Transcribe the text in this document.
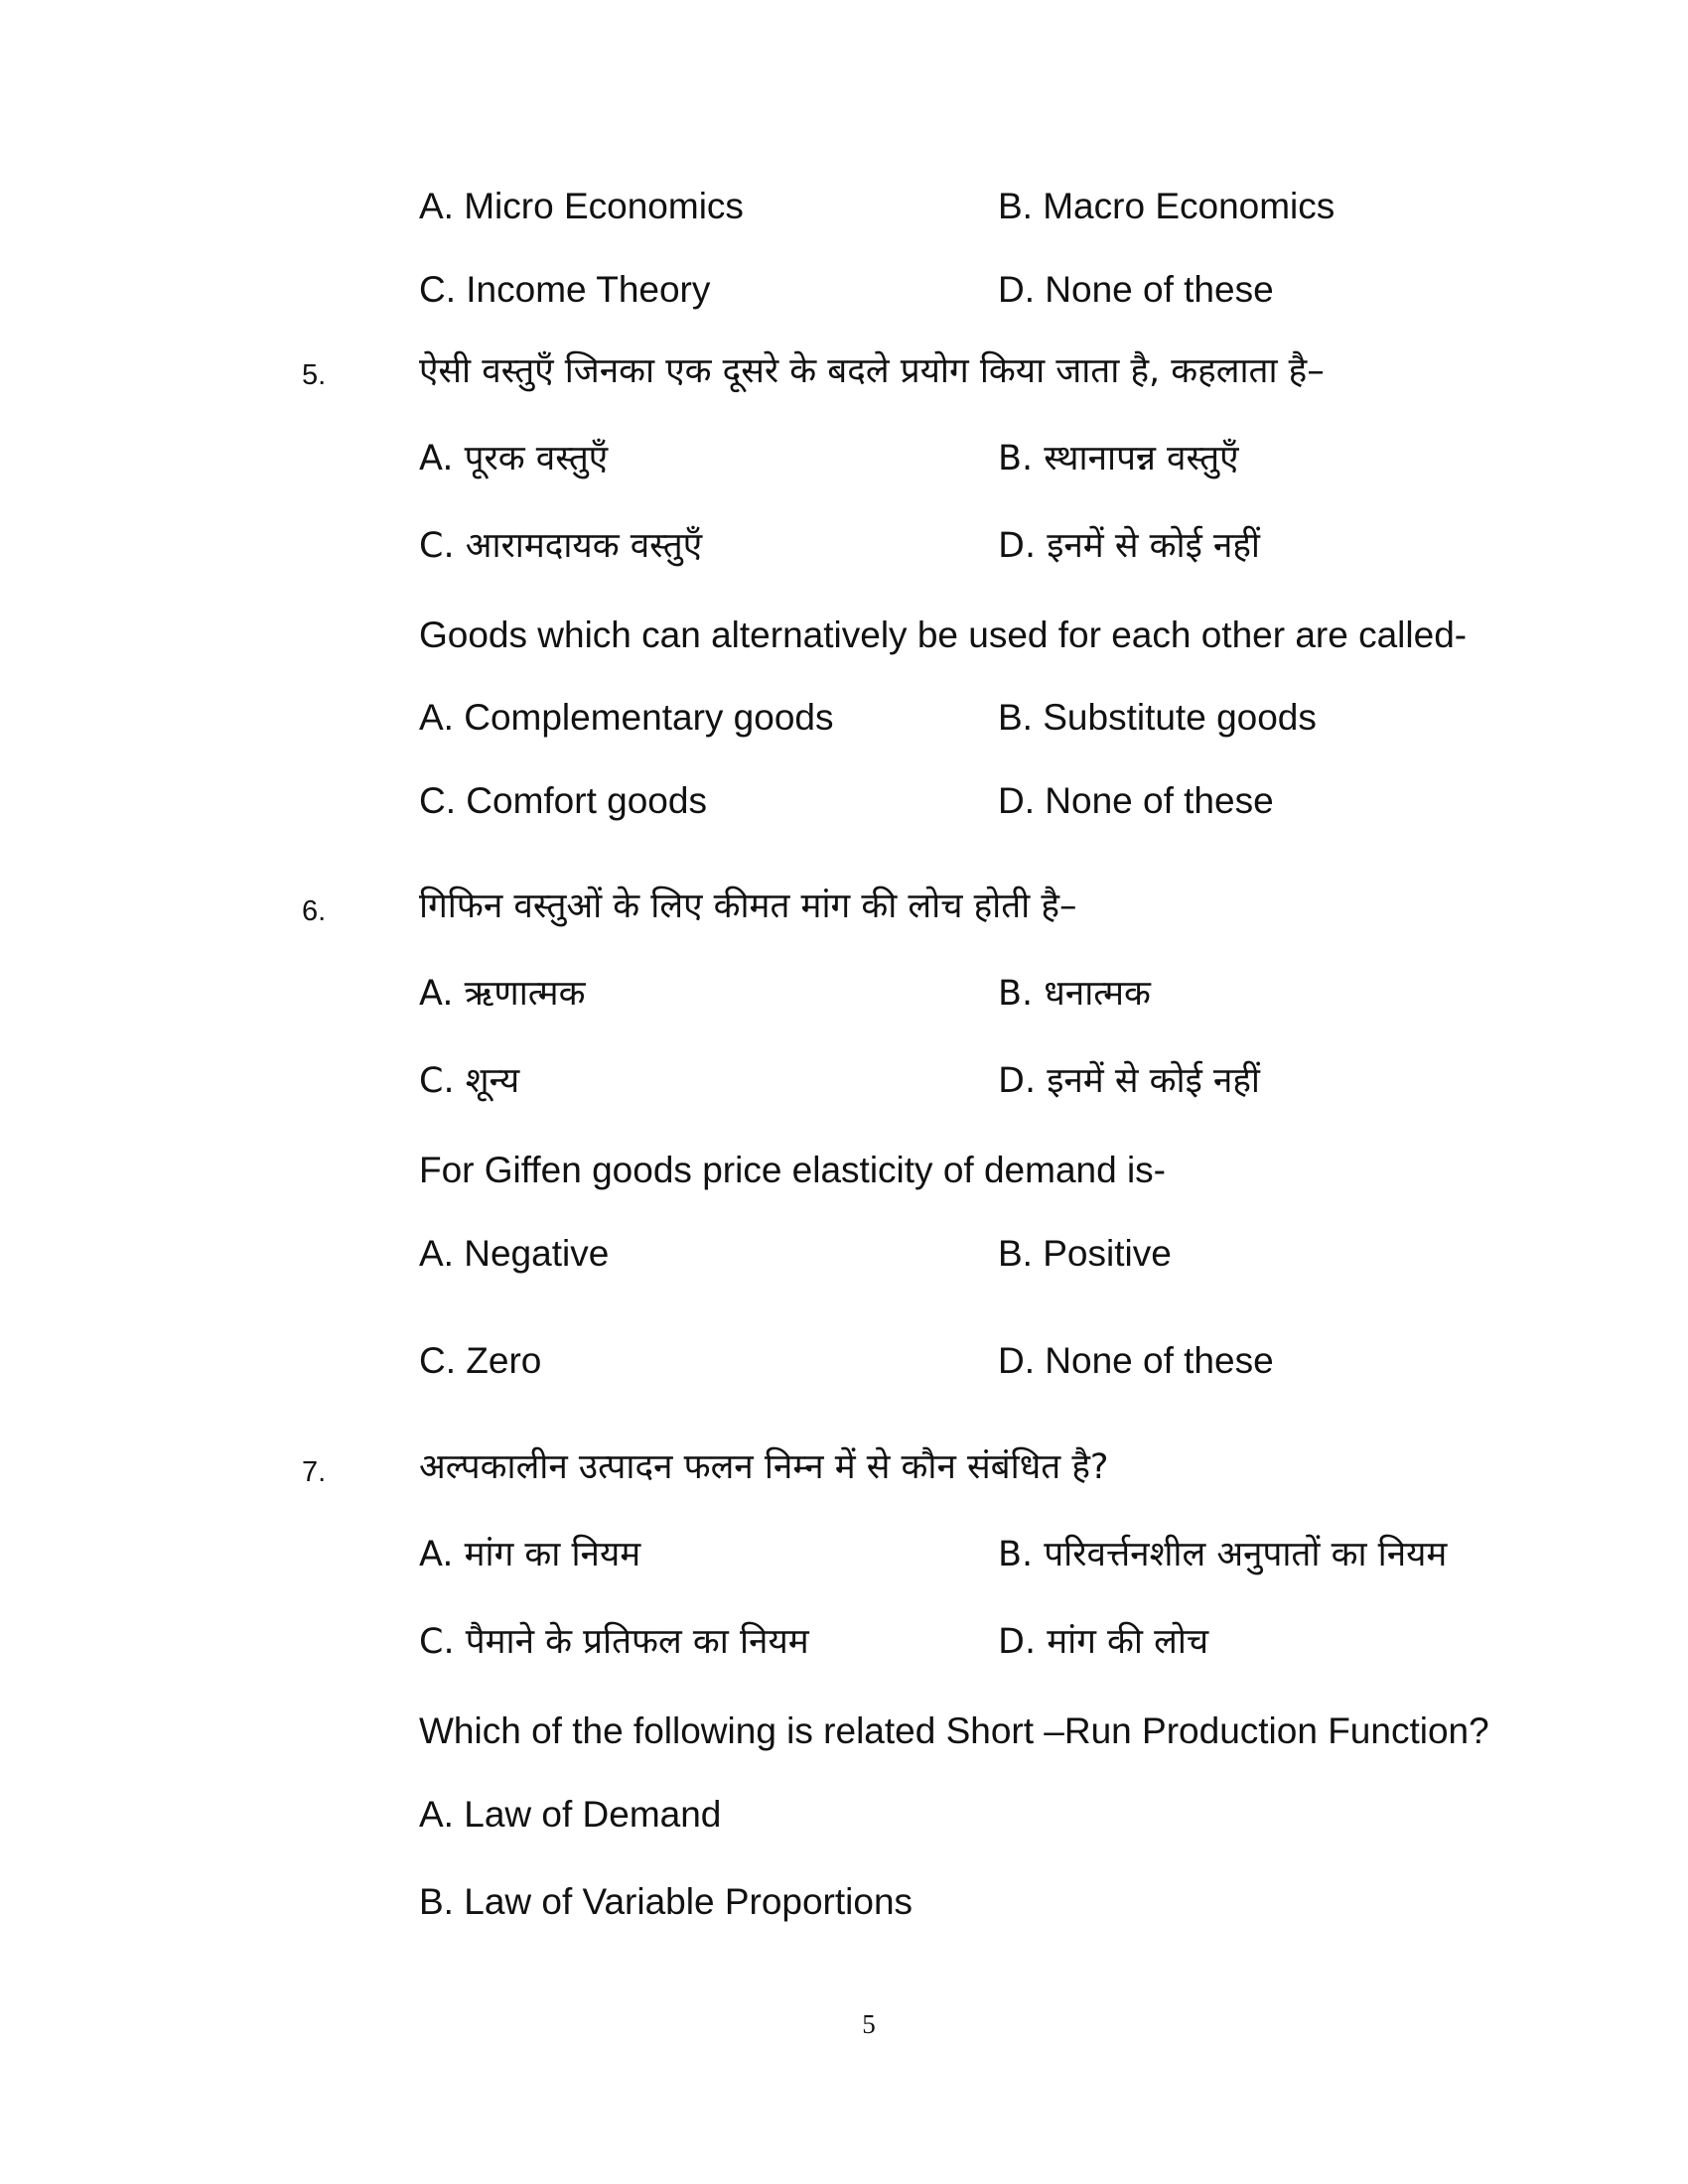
A. Micro Economics	B. Macro Economics
C. Income Theory	D. None of these
5.	ऐसी वस्तुएँ जिनका एक दूसरे के बदले प्रयोग किया जाता है, कहलाता है–
A. पूरक वस्तुएँ	B. स्थानापन्न वस्तुएँ
C. आरामदायक वस्तुएँ	D. इनमें से कोई नहीं
Goods which can alternatively be used for each other are called-
A. Complementary goods	B. Substitute goods
C. Comfort goods	D. None of these
6.	गिफिन वस्तुओं के लिए कीमत मांग की लोच होती है–
A. ऋणात्मक	B. धनात्मक
C. शून्य	D. इनमें से कोई नहीं
For Giffen goods price elasticity of demand is-
A. Negative	B. Positive
C. Zero	D. None of these
7.	अल्पकालीन उत्पादन फलन निम्न में से कौन संबंधित है?
A. मांग का नियम	B. परिवर्त्तनशील अनुपातों का नियम
C. पैमाने के प्रतिफल का नियम	D. मांग की लोच
Which of the following is related Short –Run Production Function?
A. Law of Demand
B. Law of Variable Proportions
5
